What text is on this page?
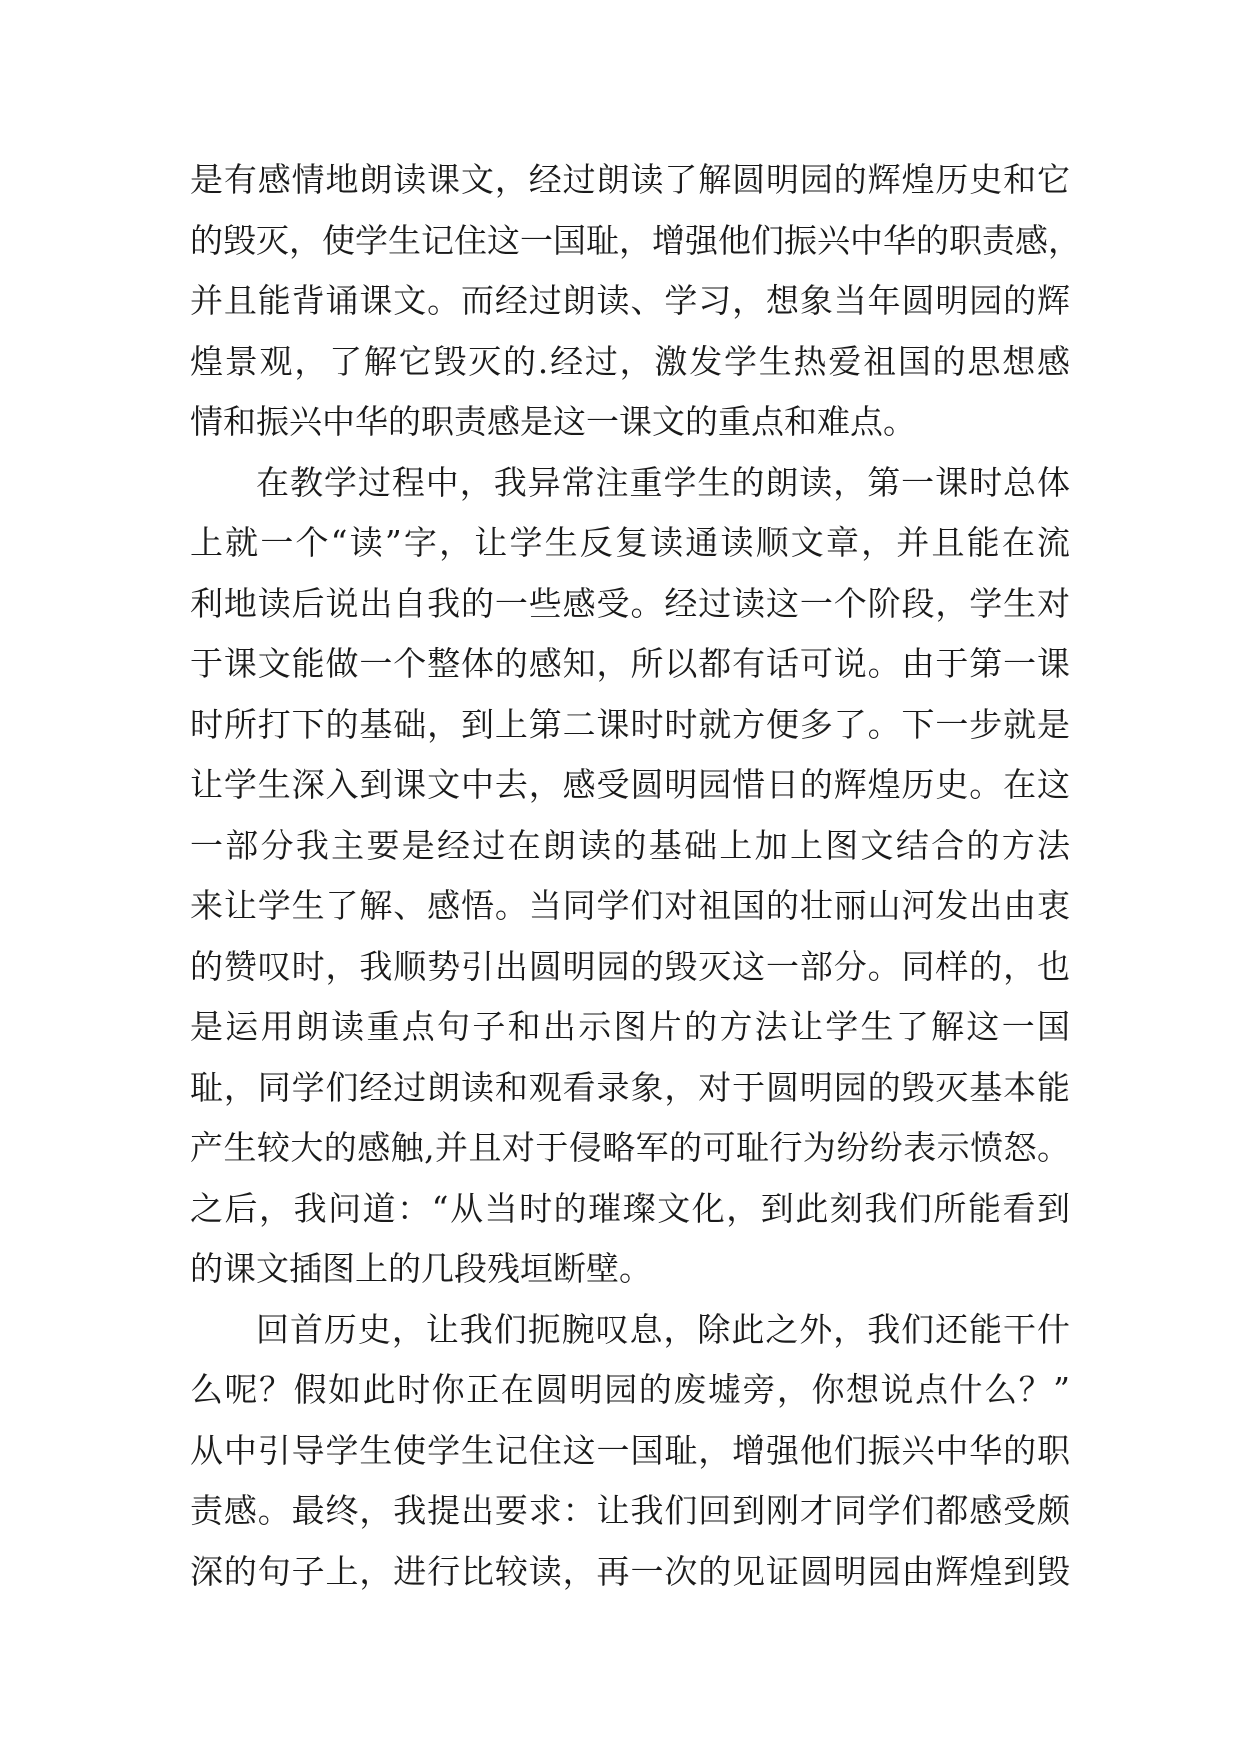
是有感情地朗读课文，经过朗读了解圆明园的辉煌历史和它
的毁灭，使学生记住这一国耻，增强他们振兴中华的职责感，
并且能背诵课文。而经过朗读、学习，想象当年圆明园的辉
煌景观，了解它毁灭的.经过，激发学生热爱祖国的思想感
情和振兴中华的职责感是这一课文的重点和难点。
在教学过程中，我异常注重学生的朗读，第一课时总体
上就一个“读”字，让学生反复读通读顺文章，并且能在流
利地读后说出自我的一些感受。经过读这一个阶段，学生对
于课文能做一个整体的感知，所以都有话可说。由于第一课
时所打下的基础，到上第二课时时就方便多了。下一步就是
让学生深入到课文中去，感受圆明园惜日的辉煌历史。在这
一部分我主要是经过在朗读的基础上加上图文结合的方法
来让学生了解、感悟。当同学们对祖国的壮丽山河发出由衷
的赞叹时，我顺势引出圆明园的毁灭这一部分。同样的，也
是运用朗读重点句子和出示图片的方法让学生了解这一国
耻，同学们经过朗读和观看录象，对于圆明园的毁灭基本能
产生较大的感触,并且对于侵略军的可耻行为纷纷表示愤怒。
之后，我问道：“从当时的璀璨文化，到此刻我们所能看到
的课文插图上的几段残垣断壁。
回首历史，让我们扼腕叹息，除此之外，我们还能干什
么呢？假如此时你正在圆明园的废墟旁，你想说点什么？”
从中引导学生使学生记住这一国耻，增强他们振兴中华的职
责感。最终，我提出要求：让我们回到刚才同学们都感受颇
深的句子上，进行比较读，再一次的见证圆明园由辉煌到毁
